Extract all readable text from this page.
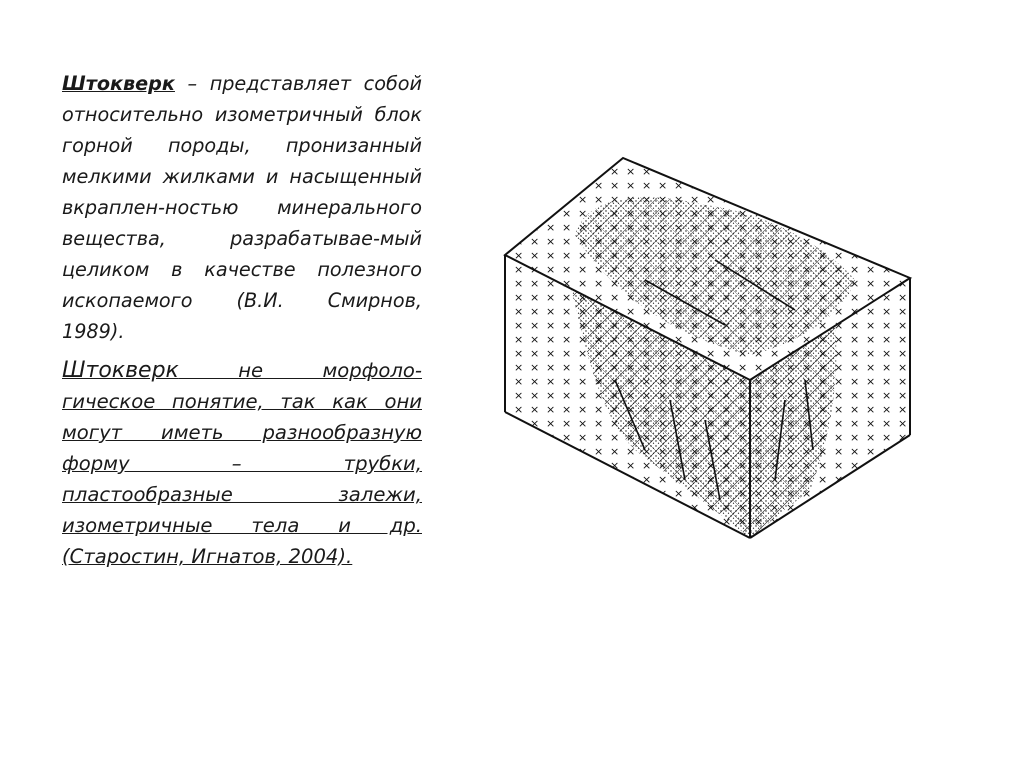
Штокверк – представляет собой относительно изометричный блок горной породы, пронизанный мелкими жилками и насыщенный вкраплен-ностью минерального вещества,	разрабатывае-мый целиком в качестве полезного ископаемого (В.И. Смирнов,
1989).

Штокверк не морфоло-
гическое понятие, так как они
могут иметь разнообразную
форму – трубки,
пластообразные залежи,
изометричные тела и др.
(Старостин, Игнатов, 2004).
